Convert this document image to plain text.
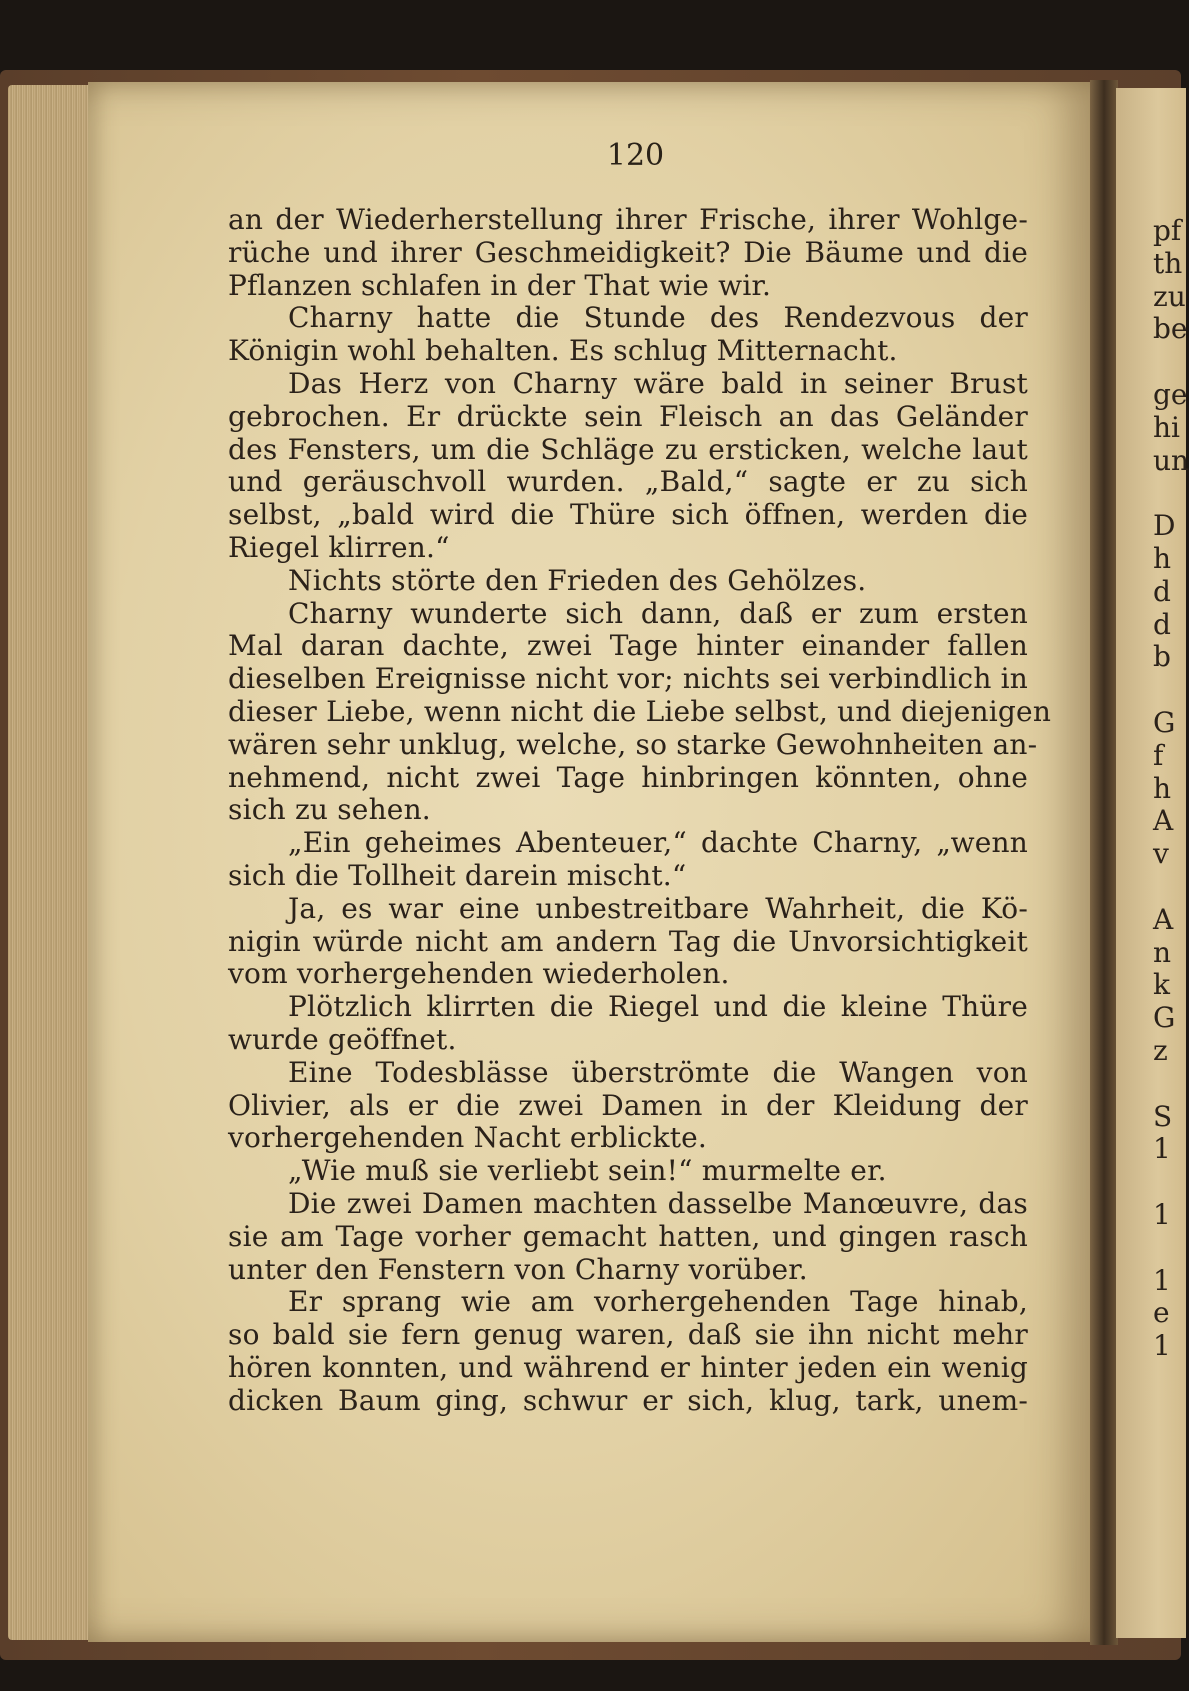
120
an der Wiederherstellung ihrer Frische, ihrer Wohlge-
rüche und ihrer Geschmeidigkeit? Die Bäume und die
Pflanzen schlafen in der That wie wir.
Charny hatte die Stunde des Rendezvous der
Königin wohl behalten. Es schlug Mitternacht.
Das Herz von Charny wäre bald in seiner Brust
gebrochen. Er drückte sein Fleisch an das Geländer
des Fensters, um die Schläge zu ersticken, welche laut
und geräuschvoll wurden. „Bald,“ sagte er zu sich
selbst, „bald wird die Thüre sich öffnen, werden die
Riegel klirren.“
Nichts störte den Frieden des Gehölzes.
Charny wunderte sich dann, daß er zum ersten
Mal daran dachte, zwei Tage hinter einander fallen
dieselben Ereignisse nicht vor; nichts sei verbindlich in
dieser Liebe, wenn nicht die Liebe selbst, und diejenigen
wären sehr unklug, welche, so starke Gewohnheiten an-
nehmend, nicht zwei Tage hinbringen könnten, ohne
sich zu sehen.
„Ein geheimes Abenteuer,“ dachte Charny, „wenn
sich die Tollheit darein mischt.“
Ja, es war eine unbestreitbare Wahrheit, die Kö-
nigin würde nicht am andern Tag die Unvorsichtigkeit
vom vorhergehenden wiederholen.
Plötzlich klirrten die Riegel und die kleine Thüre
wurde geöffnet.
Eine Todesblässe überströmte die Wangen von
Olivier, als er die zwei Damen in der Kleidung der
vorhergehenden Nacht erblickte.
„Wie muß sie verliebt sein!“ murmelte er.
Die zwei Damen machten dasselbe Manœuvre, das
sie am Tage vorher gemacht hatten, und gingen rasch
unter den Fenstern von Charny vorüber.
Er sprang wie am vorhergehenden Tage hinab,
so bald sie fern genug waren, daß sie ihn nicht mehr
hören konnten, und während er hinter jeden ein wenig
dicken Baum ging, schwur er sich, klug, tark, unem-
pf
th
zu
be
ge
hi
un
D
h
d
d
b
G
f
h
A
v
A
n
k
G
z
S
1
1
1
e
1
